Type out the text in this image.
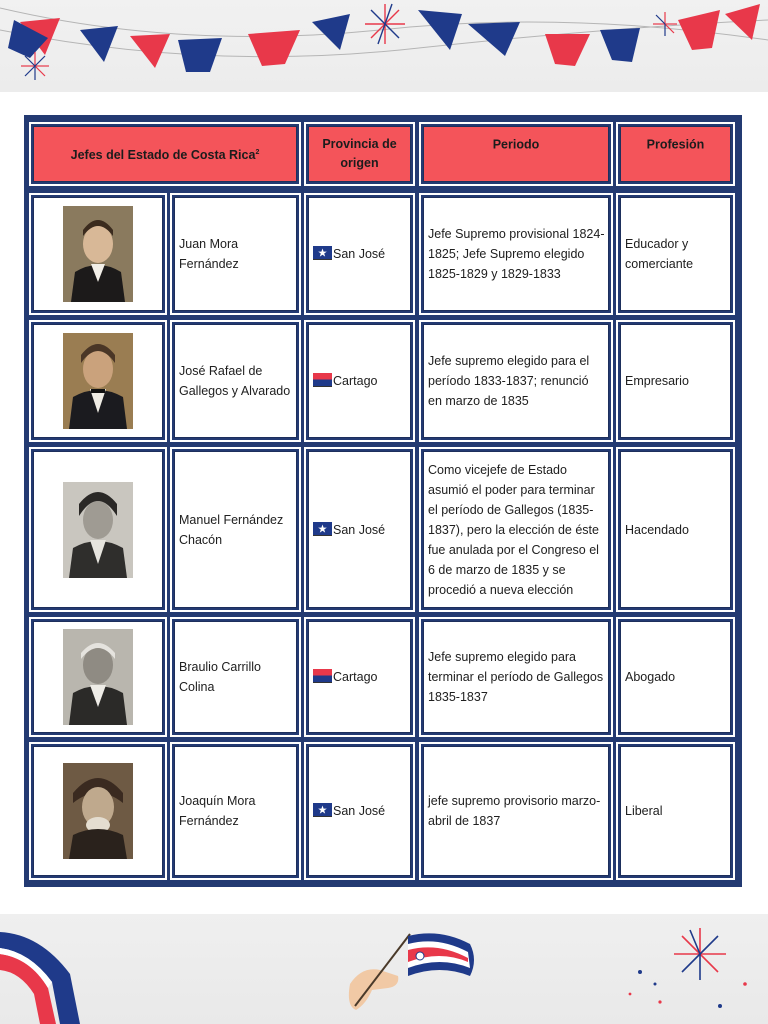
Jefes del Estado de Costa Rica$^2$
Provincia de origen
Periodo	Profesión
Juan Mora Fernández
San José
Jefe Supremo provisional 1824-1825; Jefe Supremo elegido 1825-1829 y 1829-1833
Educador y comerciante
José Rafael de Gallegos y Alvarado
Cartago
Jefe supremo elegido para el período 1833-1837; renunció en marzo de 1835
Empresario
Manuel Fernández Chacón
San José
Como vicejefe de Estado asumió el poder para terminar el período de Gallegos (1835-1837), pero la elección de éste fue anulada por el Congreso el 6 de marzo de 1835 y se procedió a nueva elección
Hacendado
Braulio Carrillo Colina
Cartago
Jefe supremo elegido para terminar el período de Gallegos 1835-1837
Abogado
Joaquín Mora Fernández
San José
jefe supremo provisorio marzo-abril de 1837
Liberal
